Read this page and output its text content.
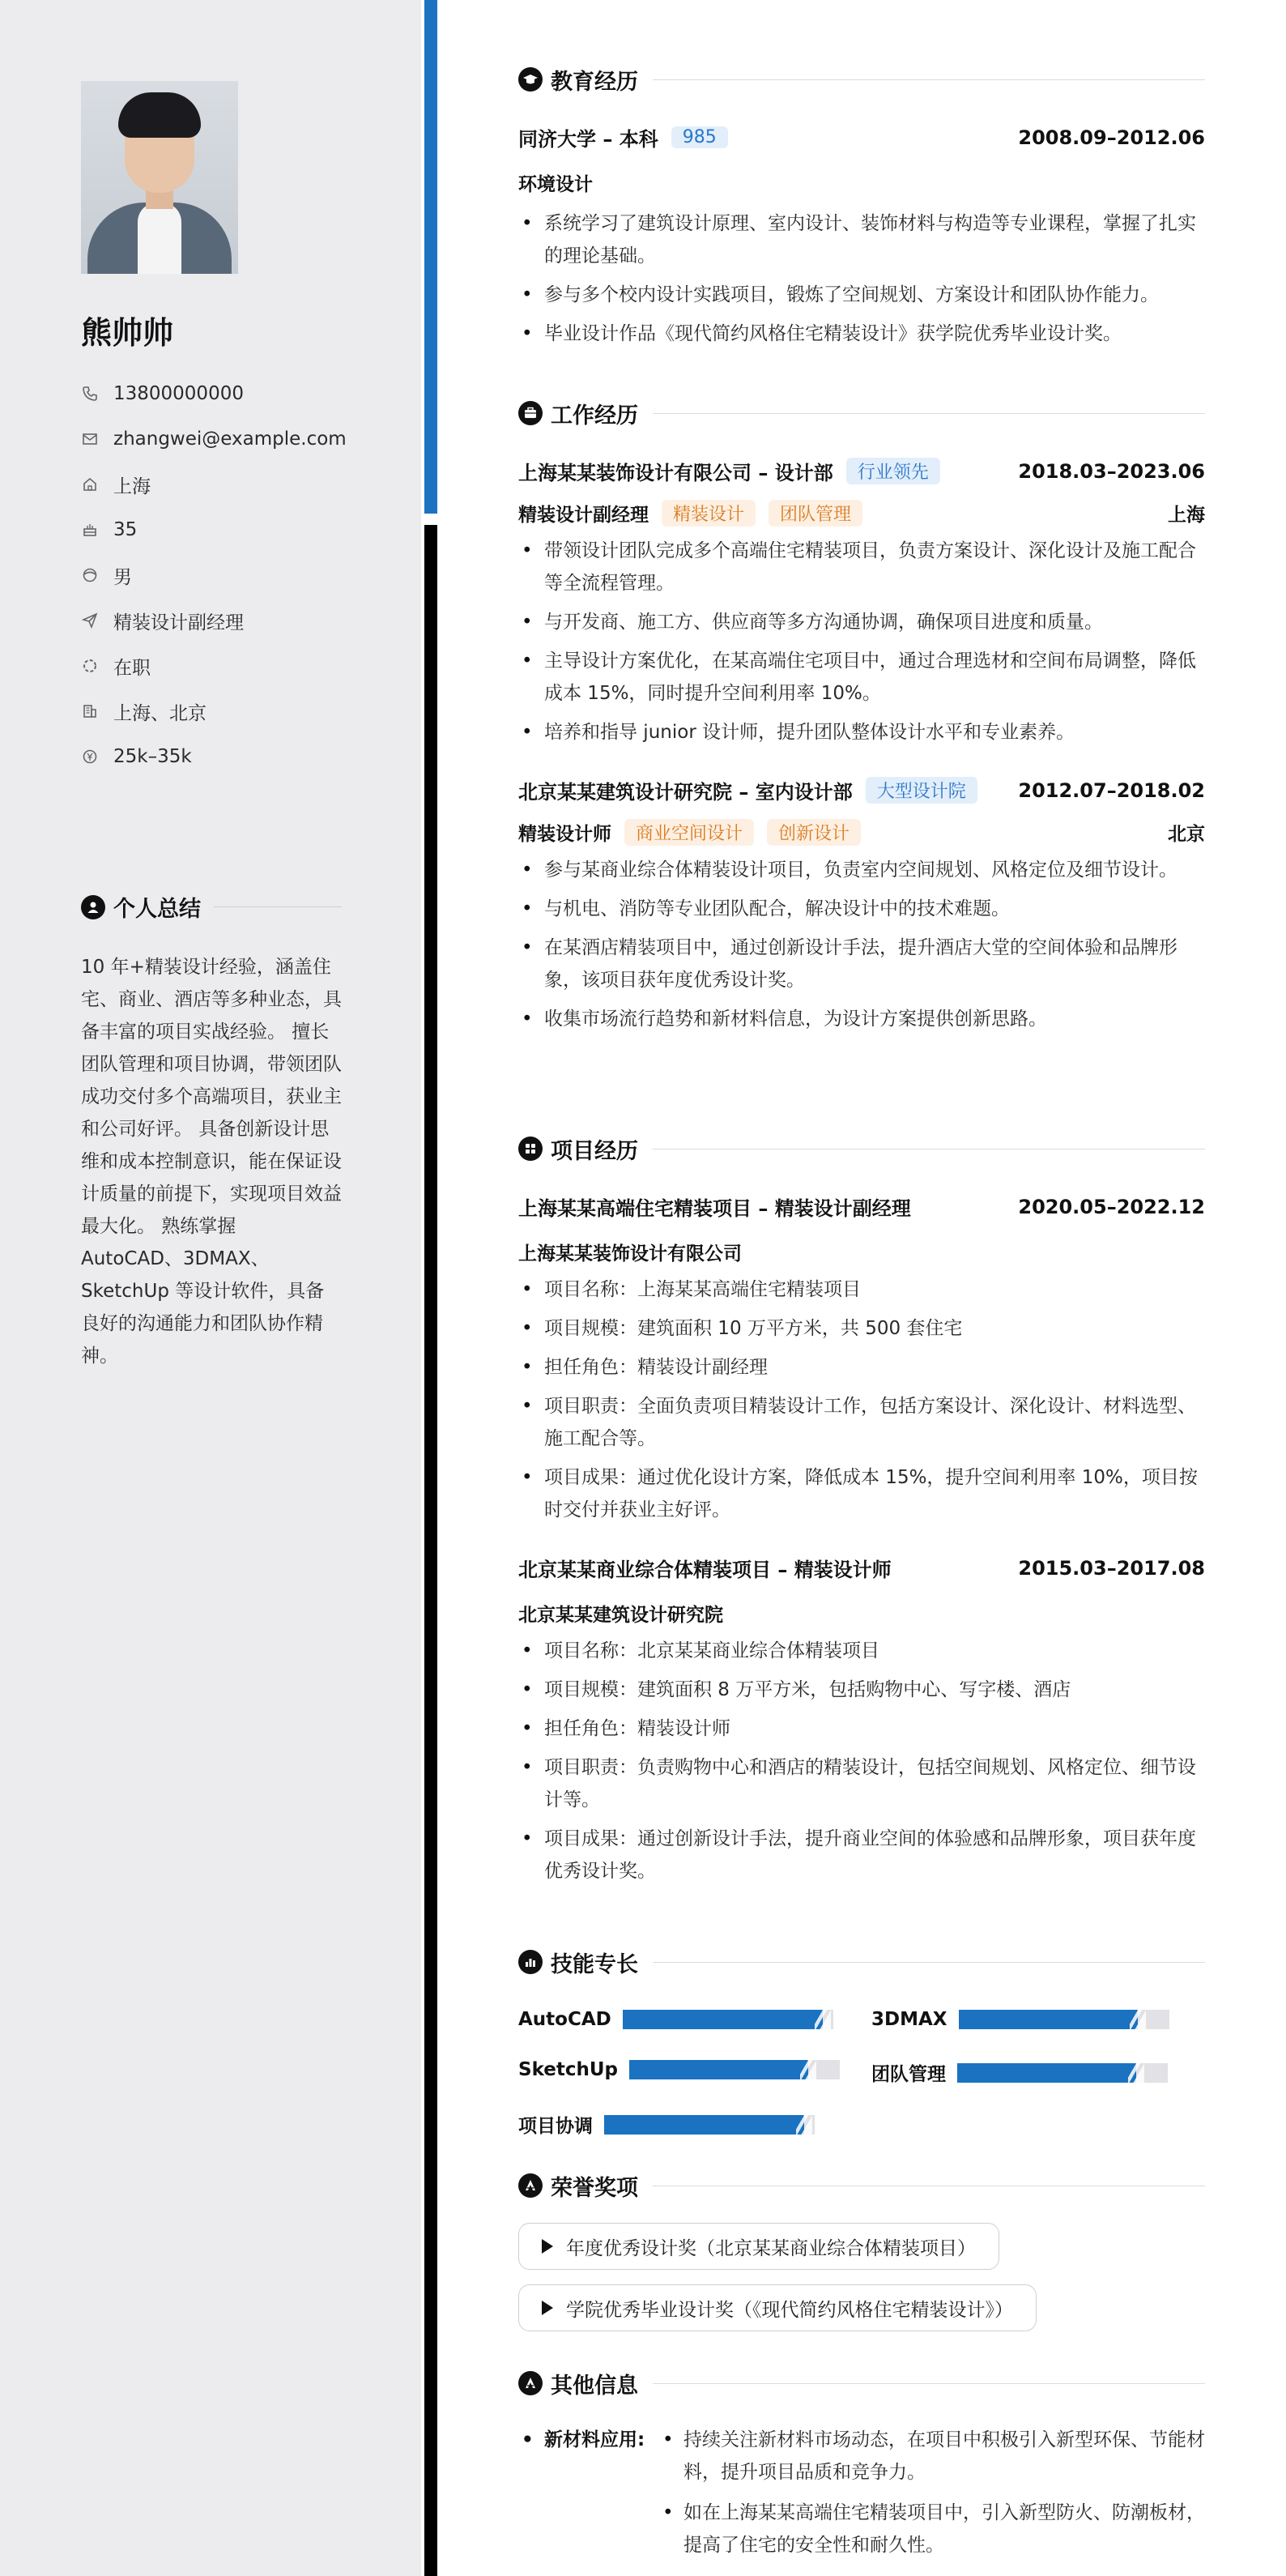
熊帅帅
13800000000
zhangwei@example.com
上海
35
男
精装设计副经理
在职
上海、北京
25k–35k
个人总结
10 年+精装设计经验，涵盖住宅、商业、酒店等多种业态，具备丰富的项目实战经验。 擅长团队管理和项目协调，带领团队成功交付多个高端项目，获业主和公司好评。 具备创新设计思维和成本控制意识，能在保证设计质量的前提下，实现项目效益最大化。 熟练掌握 AutoCAD、3DMAX、SketchUp 等设计软件，具备良好的沟通能力和团队协作精神。
教育经历
同济大学 – 本科	985	2008.09–2012.06
环境设计
• 系统学习了建筑设计原理、室内设计、装饰材料与构造等专业课程，掌握了扎实的理论基础。
• 参与多个校内设计实践项目，锻炼了空间规划、方案设计和团队协作能力。
• 毕业设计作品《现代简约风格住宅精装设计》获学院优秀毕业设计奖。
工作经历
上海某某装饰设计有限公司 – 设计部	行业领先	2018.03–2023.06
精装设计副经理	精装设计	团队管理	上海
• 带领设计团队完成多个高端住宅精装项目，负责方案设计、深化设计及施工配合等全流程管理。
• 与开发商、施工方、供应商等多方沟通协调，确保项目进度和质量。
• 主导设计方案优化，在某高端住宅项目中，通过合理选材和空间布局调整，降低成本 15%，同时提升空间利用率 10%。
• 培养和指导 junior 设计师，提升团队整体设计水平和专业素养。
北京某某建筑设计研究院 – 室内设计部	大型设计院	2012.07–2018.02
精装设计师	商业空间设计	创新设计	北京
• 参与某商业综合体精装设计项目，负责室内空间规划、风格定位及细节设计。
• 与机电、消防等专业团队配合，解决设计中的技术难题。
• 在某酒店精装项目中，通过创新设计手法，提升酒店大堂的空间体验和品牌形象，该项目获年度优秀设计奖。
• 收集市场流行趋势和新材料信息，为设计方案提供创新思路。
项目经历
上海某某高端住宅精装项目 – 精装设计副经理	2020.05–2022.12
上海某某装饰设计有限公司
• 项目名称：上海某某高端住宅精装项目
• 项目规模：建筑面积 10 万平方米，共 500 套住宅
• 担任角色：精装设计副经理
• 项目职责：全面负责项目精装设计工作，包括方案设计、深化设计、材料选型、施工配合等。
• 项目成果：通过优化设计方案，降低成本 15%，提升空间利用率 10%，项目按时交付并获业主好评。
北京某某商业综合体精装项目 – 精装设计师	2015.03–2017.08
北京某某建筑设计研究院
• 项目名称：北京某某商业综合体精装项目
• 项目规模：建筑面积 8 万平方米，包括购物中心、写字楼、酒店
• 担任角色：精装设计师
• 项目职责：负责购物中心和酒店的精装设计，包括空间规划、风格定位、细节设计等。
• 项目成果：通过创新设计手法，提升商业空间的体验感和品牌形象，项目获年度优秀设计奖。
技能专长
AutoCAD	3DMAX
SketchUp	团队管理
项目协调
荣誉奖项
年度优秀设计奖（北京某某商业综合体精装项目）
学院优秀毕业设计奖（《现代简约风格住宅精装设计》）
其他信息
• 新材料应用:
•	持续关注新材料市场动态，在项目中积极引入新型环保、节能材料，提升项目品质和竞争力。
• 如在上海某某高端住宅精装项目中，引入新型防火、防潮板材，提高了住宅的安全性和耐久性。
